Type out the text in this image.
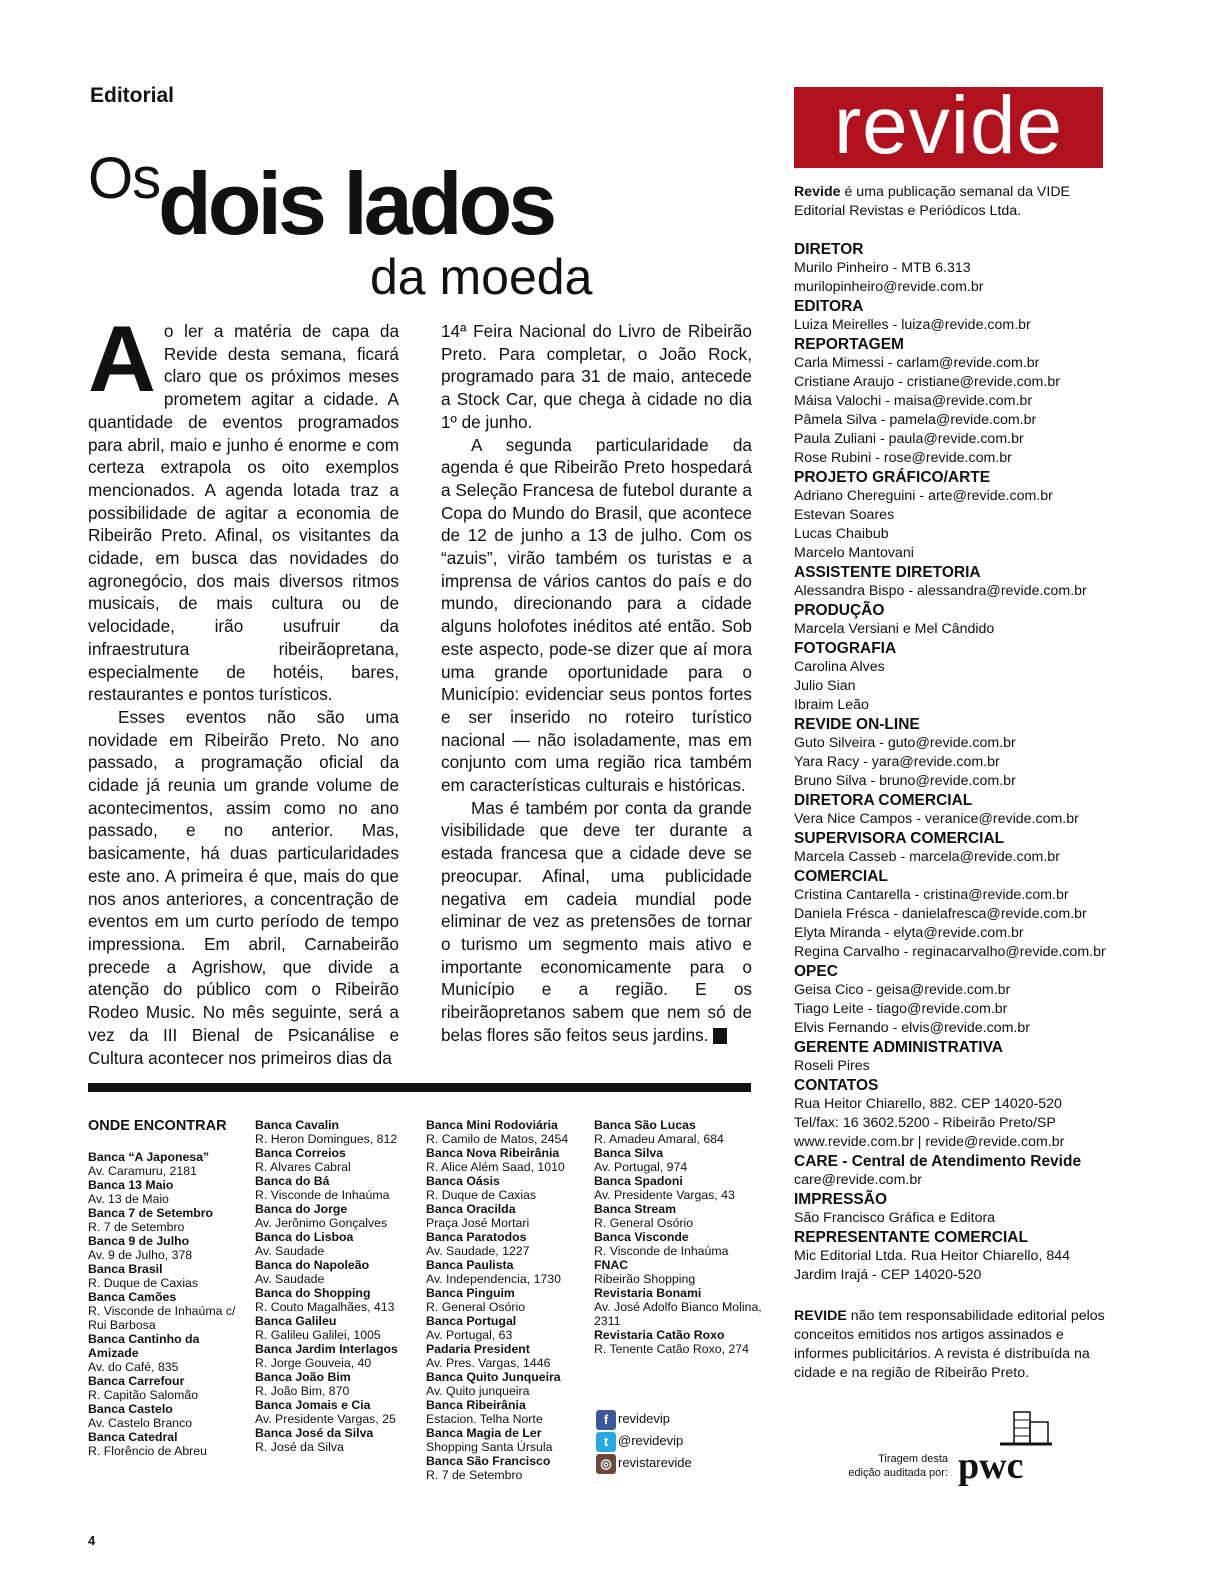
Editorial
Os
dois lados
da moeda

Ao ler a matéria de capa da Revide desta semana, ficará claro que os próximos meses prometem agitar a cidade. A quantidade de eventos programados para abril, maio e junho é enorme e com certeza extrapola os oito exemplos mencionados. A agenda lotada traz a possibilidade de agitar a economia de Ribeirão Preto. Afinal, os visitantes da cidade, em busca das novidades do agronegócio, dos mais diversos ritmos musicais, de mais cultura ou de velocidade, irão usufruir da infraestrutura ribeirãopretana, especialmente de hotéis, bares, restaurantes e pontos turísticos.

Esses eventos não são uma novidade em Ribeirão Preto. No ano passado, a programação oficial da cidade já reunia um grande volume de acontecimentos, assim como no ano passado, e no anterior. Mas, basicamente, há duas particularidades este ano. A primeira é que, mais do que nos anos anteriores, a concentração de eventos em um curto período de tempo impressiona. Em abril, Carnabeirão precede a Agrishow, que divide a atenção do público com o Ribeirão Rodeo Music. No mês seguinte, será a vez da III Bienal de Psicanálise e Cultura acontecer nos primeiros dias da

14ª Feira Nacional do Livro de Ribeirão Preto. Para completar, o João Rock, programado para 31 de maio, antecede a Stock Car, que chega à cidade no dia 1º de junho.

A segunda particularidade da agenda é que Ribeirão Preto hospedará a Seleção Francesa de futebol durante a Copa do Mundo do Brasil, que acontece de 12 de junho a 13 de julho. Com os “azuis”, virão também os turistas e a imprensa de vários cantos do país e do mundo, direcionando para a cidade alguns holofotes inéditos até então. Sob este aspecto, pode-se dizer que aí mora uma grande oportunidade para o Município: evidenciar seus pontos fortes e ser inserido no roteiro turístico nacional — não isoladamente, mas em conjunto com uma região rica também em características culturais e históricas.

Mas é também por conta da grande visibilidade que deve ter durante a estada francesa que a cidade deve se preocupar. Afinal, uma publicidade negativa em cadeia mundial pode eliminar de vez as pretensões de tornar o turismo um segmento mais ativo e importante economicamente para o Município e a região. E os ribeirãopretanos sabem que nem só de belas flores são feitos seus jardins.	r

ONDE ENCONTRAR
Banca “A Japonesa”
Av. Caramuru, 2181
Banca 13 Maio
Av. 13 de Maio
Banca 7 de Setembro
R. 7 de Setembro
Banca 9 de Julho
Av. 9 de Julho, 378
Banca Brasil
R. Duque de Caxias
Banca Camões
R. Visconde de Inhaúma c/ Rui Barbosa
Banca Cantinho da Amizade
Av. do Café, 835
Banca Carrefour
R. Capitão Salomão
Banca Castelo
Av. Castelo Branco
Banca Catedral
R. Florêncio de Abreu
Banca Cavalin
R. Heron Domingues, 812
Banca Correios
R. Alvares Cabral
Banca do Bá
R. Visconde de Inhaúma
Banca do Jorge
Av. Jerônimo Gonçalves
Banca do Lisboa
Av. Saudade
Banca do Napoleão
Av. Saudade
Banca do Shopping
R. Couto Magalhães, 413
Banca Galileu
R. Galileu Galilei, 1005
Banca Jardim Interlagos
R. Jorge Gouveia, 40
Banca João Bim
R. João Bim, 870
Banca Jomais e Cia
Av. Presidente Vargas, 25
Banca José da Silva
R. José da Silva
Banca Mini Rodoviária
R. Camilo de Matos, 2454
Banca Nova Ribeirânia
R. Alice Além Saad, 1010
Banca Oásis
R. Duque de Caxias
Banca Oracilda
Praça José Mortari
Banca Paratodos
Av. Saudade, 1227
Banca Paulista
Av. Independencia, 1730
Banca Pinguim
R. General Osório
Banca Portugal
Av. Portugal, 63
Padaria President
Av. Pres. Vargas, 1446
Banca Quito Junqueira
Av. Quito junqueira
Banca Ribeirânia
Estacion. Telha Norte
Banca Magia de Ler
Shopping Santa Úrsula
Banca São Francisco
R. 7 de Setembro
Banca São Lucas
R. Amadeu Amaral, 684
Banca Silva
Av. Portugal, 974
Banca Spadoni
Av. Presidente Vargas, 43
Banca Stream
R. General Osório
Banca Visconde
R. Visconde de Inhaúma
FNAC
Ribeirão Shopping
Revistaria Bonami
Av. José Adolfo Bianco Molina, 2311
Revistaria Catão Roxo
R. Tenente Catão Roxo, 274
f revidevip
t @revidevip
◎ revistarevide
revide
Revide é uma publicação semanal da VIDE Editorial Revistas e Periódicos Ltda.
DIRETOR
Murilo Pinheiro - MTB 6.313
murilopinheiro@revide.com.br
EDITORA
Luiza Meirelles - luiza@revide.com.br
REPORTAGEM
Carla Mimessi - carlam@revide.com.br
Cristiane Araujo - cristiane@revide.com.br
Máisa Valochi - maisa@revide.com.br
Pâmela Silva - pamela@revide.com.br
Paula Zuliani - paula@revide.com.br
Rose Rubini - rose@revide.com.br
PROJETO GRÁFICO/ARTE
Adriano Chereguini - arte@revide.com.br
Estevan Soares
Lucas Chaibub
Marcelo Mantovani
ASSISTENTE DIRETORIA
Alessandra Bispo - alessandra@revide.com.br
PRODUÇÃO
Marcela Versiani e Mel Cândido
FOTOGRAFIA
Carolina Alves
Julio Sian
Ibraim Leão
REVIDE ON-LINE
Guto Silveira - guto@revide.com.br
Yara Racy - yara@revide.com.br
Bruno Silva - bruno@revide.com.br
DIRETORA COMERCIAL
Vera Nice Campos - veranice@revide.com.br
SUPERVISORA COMERCIAL
Marcela Casseb - marcela@revide.com.br
COMERCIAL
Cristina Cantarella - cristina@revide.com.br
Daniela Frésca - danielafresca@revide.com.br
Elyta Miranda - elyta@revide.com.br
Regina Carvalho - reginacarvalho@revide.com.br
OPEC
Geisa Cico - geisa@revide.com.br
Tiago Leite - tiago@revide.com.br
Elvis Fernando - elvis@revide.com.br
GERENTE ADMINISTRATIVA
Roseli Pires
CONTATOS
Rua Heitor Chiarello, 882. CEP 14020-520
Tel/fax: 16 3602.5200 - Ribeirão Preto/SP
www.revide.com.br | revide@revide.com.br
CARE - Central de Atendimento Revide
care@revide.com.br
IMPRESSÃO
São Francisco Gráfica e Editora
REPRESENTANTE COMERCIAL
Mic Editorial Ltda. Rua Heitor Chiarello, 844
Jardim Irajá - CEP 14020-520
REVIDE não tem responsabilidade editorial pelos conceitos emitidos nos artigos assinados e informes publicitários. A revista é distribuída na cidade e na região de Ribeirão Preto.
Tiragem desta edição auditada por: pwc
4
